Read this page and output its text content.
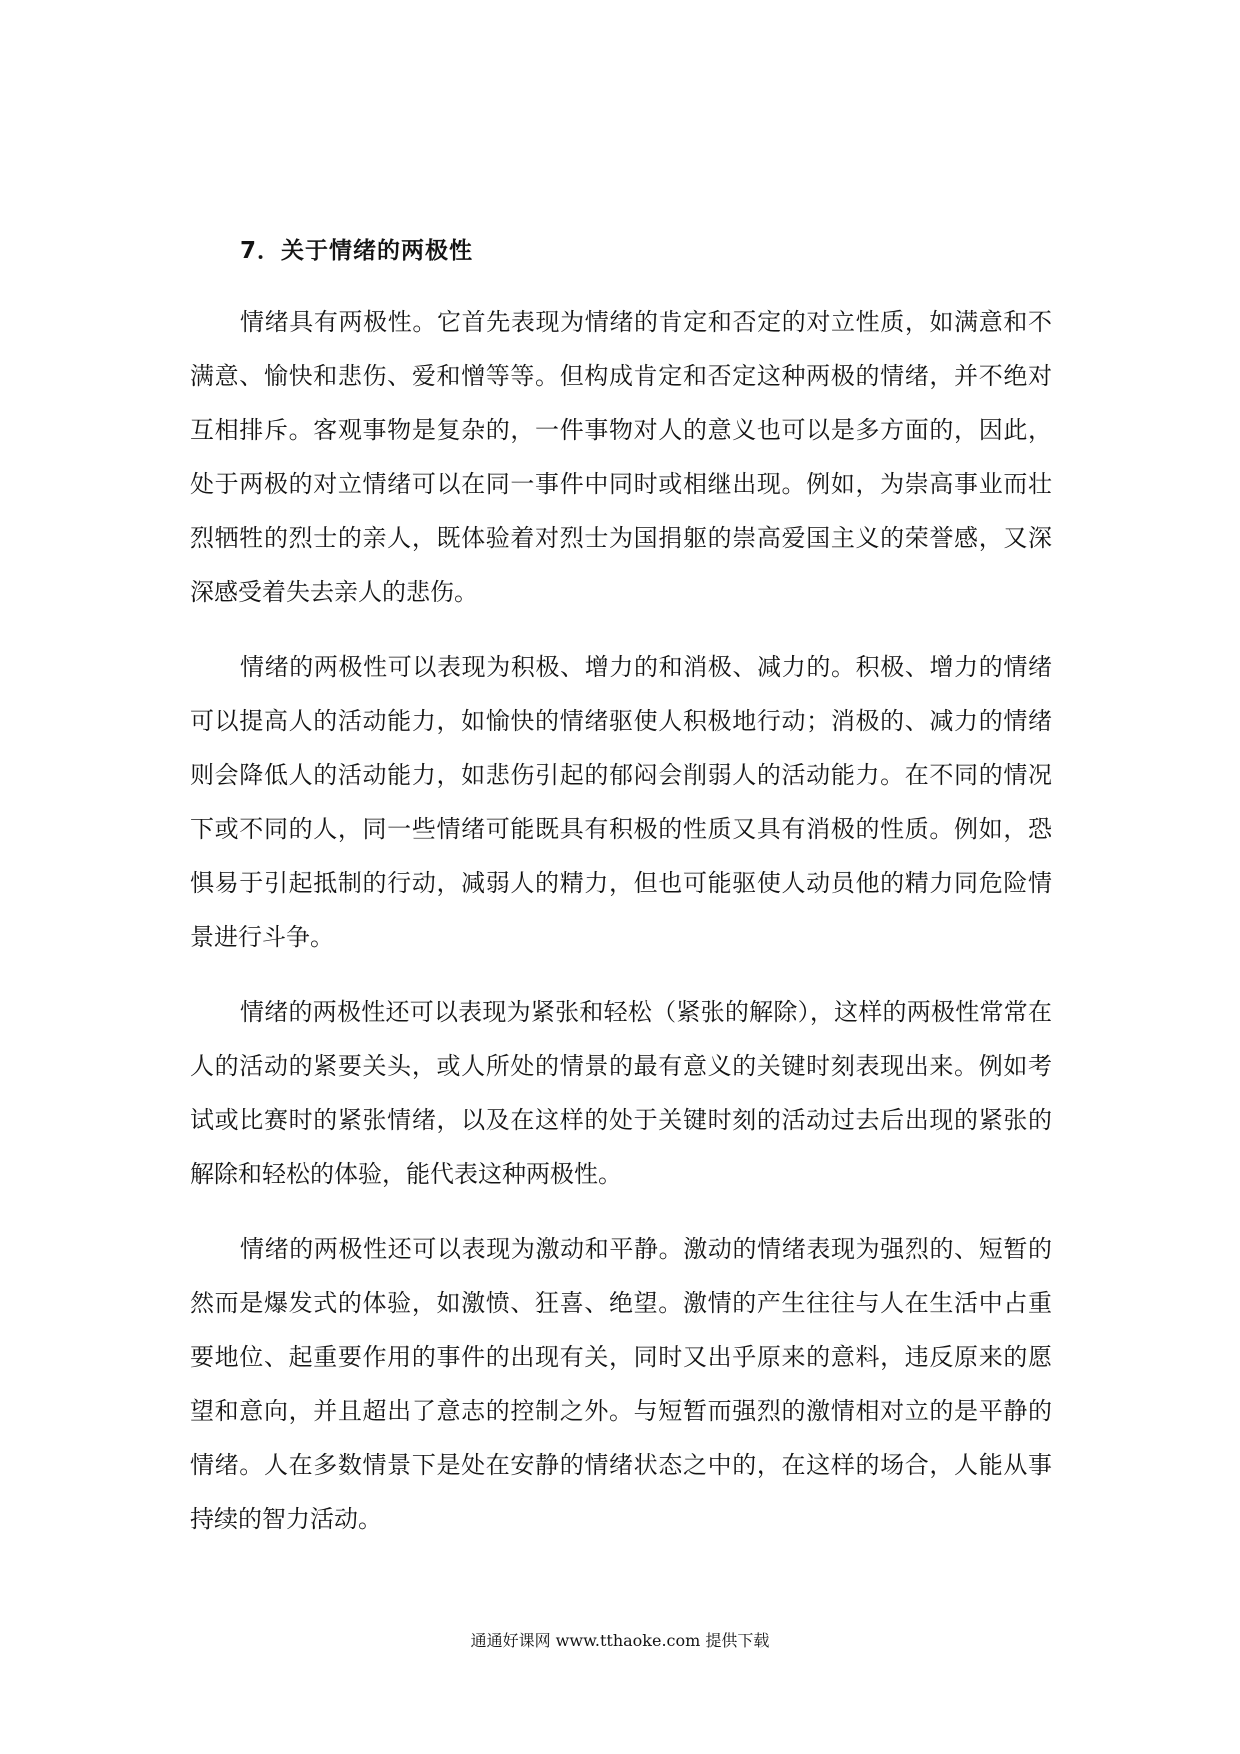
7．关于情绪的两极性

情绪具有两极性。它首先表现为情绪的肯定和否定的对立性质，如满意和不满意、愉快和悲伤、爱和憎等等。但构成肯定和否定这种两极的情绪，并不绝对互相排斥。客观事物是复杂的，一件事物对人的意义也可以是多方面的，因此，处于两极的对立情绪可以在同一事件中同时或相继出现。例如，为崇高事业而壮烈牺牲的烈士的亲人，既体验着对烈士为国捐躯的崇高爱国主义的荣誉感，又深深感受着失去亲人的悲伤。

情绪的两极性可以表现为积极、增力的和消极、减力的。积极、增力的情绪可以提高人的活动能力，如愉快的情绪驱使人积极地行动；消极的、减力的情绪则会降低人的活动能力，如悲伤引起的郁闷会削弱人的活动能力。在不同的情况下或不同的人，同一些情绪可能既具有积极的性质又具有消极的性质。例如，恐惧易于引起抵制的行动，减弱人的精力，但也可能驱使人动员他的精力同危险情景进行斗争。

情绪的两极性还可以表现为紧张和轻松（紧张的解除），这样的两极性常常在人的活动的紧要关头，或人所处的情景的最有意义的关键时刻表现出来。例如考试或比赛时的紧张情绪，以及在这样的处于关键时刻的活动过去后出现的紧张的解除和轻松的体验，能代表这种两极性。

情绪的两极性还可以表现为激动和平静。激动的情绪表现为强烈的、短暂的然而是爆发式的体验，如激愤、狂喜、绝望。激情的产生往往与人在生活中占重要地位、起重要作用的事件的出现有关，同时又出乎原来的意料，违反原来的愿望和意向，并且超出了意志的控制之外。与短暂而强烈的激情相对立的是平静的情绪。人在多数情景下是处在安静的情绪状态之中的，在这样的场合，人能从事持续的智力活动。

通通好课网 www.tthaoke.com 提供下载
